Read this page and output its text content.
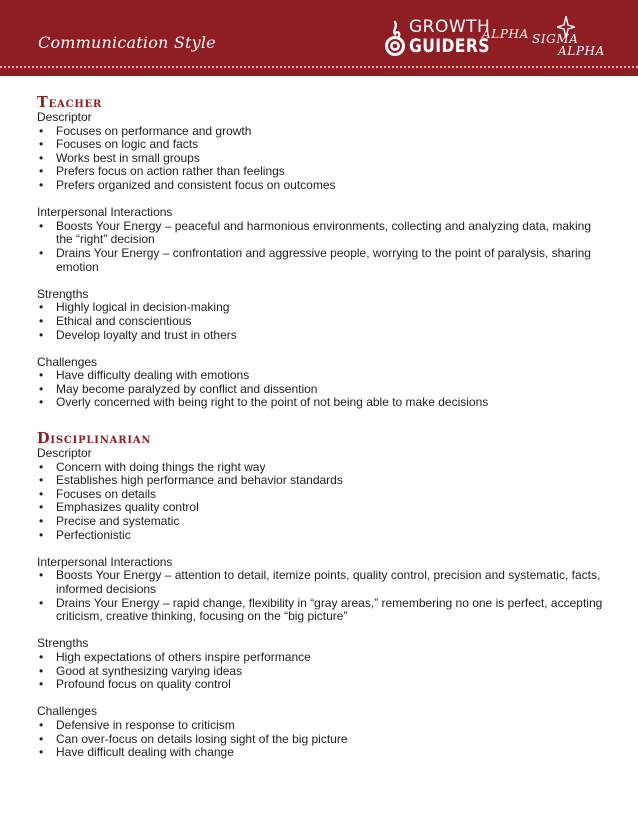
Communication Style
GROWTH
GUIDERS
ALPHA SIGMA
ALPHA
Teacher

Descriptor

• Focuses on performance and growth
• Focuses on logic and facts
• Works best in small groups
• Prefers focus on action rather than feelings
• Prefers organized and consistent focus on outcomes

Interpersonal Interactions

• Boosts Your Energy – peaceful and harmonious environments, collecting and analyzing data, making the “right” decision
• Drains Your Energy – confrontation and aggressive people, worrying to the point of paralysis, sharing emotion

Strengths

• Highly logical in decision-making
• Ethical and conscientious
• Develop loyalty and trust in others

Challenges

• Have difficulty dealing with emotions
• May become paralyzed by conflict and dissention
• Overly concerned with being right to the point of not being able to make decisions
Disciplinarian

Descriptor

• Concern with doing things the right way
• Establishes high performance and behavior standards
• Focuses on details
• Emphasizes quality control
• Precise and systematic
• Perfectionistic

Interpersonal Interactions

• Boosts Your Energy – attention to detail, itemize points, quality control, precision and systematic, facts, informed decisions
• Drains Your Energy – rapid change, flexibility in “gray areas,” remembering no one is perfect, accepting criticism, creative thinking, focusing on the “big picture”

Strengths

• High expectations of others inspire performance
• Good at synthesizing varying ideas
• Profound focus on quality control

Challenges

• Defensive in response to criticism
• Can over-focus on details losing sight of the big picture
• Have difficult dealing with change
